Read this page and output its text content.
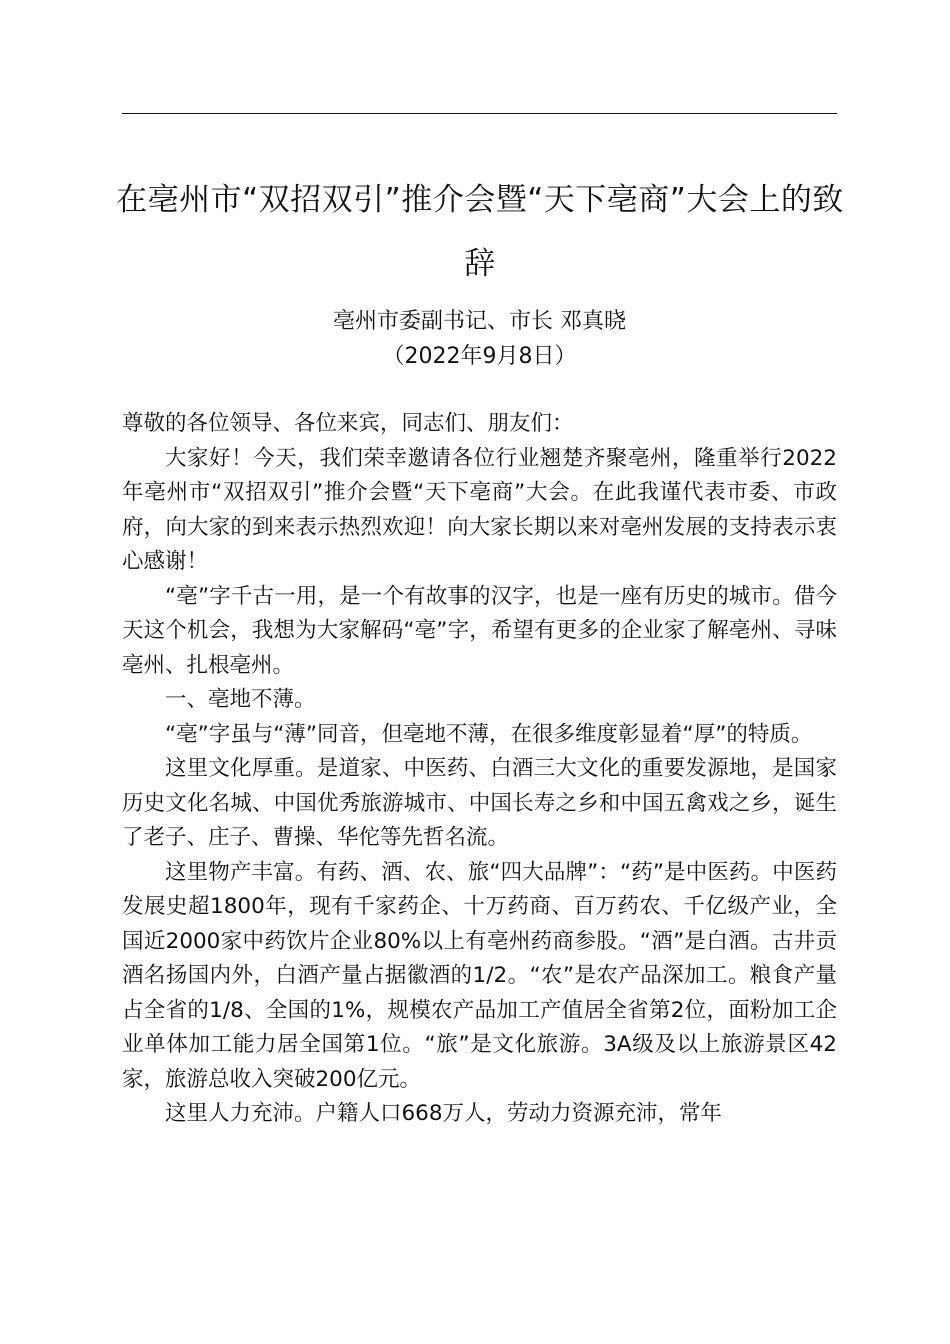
在亳州市“双招双引”推介会暨“天下亳商”大会上的致辞
亳州市委副书记、市长 邓真晓
（2022年9月8日）

尊敬的各位领导、各位来宾，同志们、朋友们：

大家好！今天，我们荣幸邀请各位行业翘楚齐聚亳州，隆重举行2022年亳州市“双招双引”推介会暨“天下亳商”大会。在此我谨代表市委、市政府，向大家的到来表示热烈欢迎！向大家长期以来对亳州发展的支持表示衷心感谢！

“亳”字千古一用，是一个有故事的汉字，也是一座有历史的城市。借今天这个机会，我想为大家解码“亳”字，希望有更多的企业家了解亳州、寻味亳州、扎根亳州。

一、亳地不薄。

“亳”字虽与“薄”同音，但亳地不薄，在很多维度彰显着“厚”的特质。

这里文化厚重。是道家、中医药、白酒三大文化的重要发源地，是国家历史文化名城、中国优秀旅游城市、中国长寿之乡和中国五禽戏之乡，诞生了老子、庄子、曹操、华佗等先哲名流。

这里物产丰富。有药、酒、农、旅“四大品牌”：“药”是中医药。中医药发展史超1800年，现有千家药企、十万药商、百万药农、千亿级产业，全国近2000家中药饮片企业80%以上有亳州药商参股。“酒”是白酒。古井贡酒名扬国内外，白酒产量占据徽酒的1/2。“农”是农产品深加工。粮食产量占全省的1/8、全国的1%，规模农产品加工产值居全省第2位，面粉加工企业单体加工能力居全国第1位。“旅”是文化旅游。3A级及以上旅游景区42家，旅游总收入突破200亿元。

这里人力充沛。户籍人口668万人，劳动力资源充沛，常年
